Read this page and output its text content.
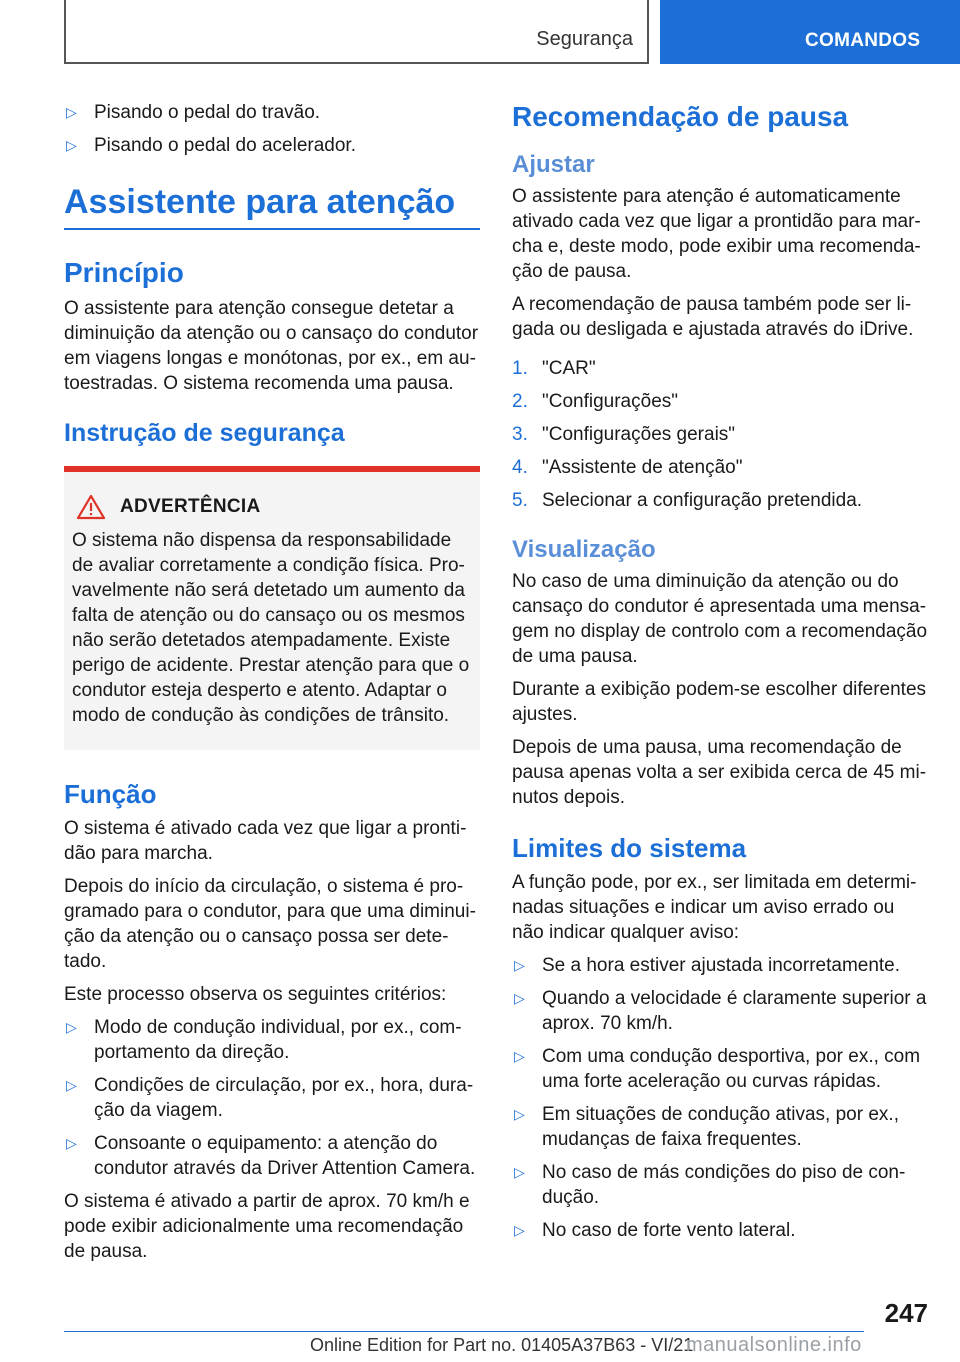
Segurança	COMANDOS
▷ Pisando o pedal do travão.
▷ Pisando o pedal do acelerador.
Assistente para atenção
Princípio
O assistente para atenção consegue detetar a diminuição da atenção ou o cansaço do condutor em viagens longas e monótonas, por ex., em autoestradas. O sistema recomenda uma pausa.
Instrução de segurança
ADVERTÊNCIA
O sistema não dispensa da responsabilidade de avaliar corretamente a condição física. Provavelmente não será detetado um aumento da falta de atenção ou do cansaço ou os mesmos não serão detetados atempadamente. Existe perigo de acidente. Prestar atenção para que o condutor esteja desperto e atento. Adaptar o modo de condução às condições de trânsito.
Função
O sistema é ativado cada vez que ligar a prontidão para marcha.
Depois do início da circulação, o sistema é programado para o condutor, para que uma diminuição da atenção ou o cansaço possa ser detetado.
Este processo observa os seguintes critérios:
▷ Modo de condução individual, por ex., comportamento da direção.
▷ Condições de circulação, por ex., hora, duração da viagem.
▷ Consoante o equipamento: a atenção do condutor através da Driver Attention Camera.
O sistema é ativado a partir de aprox. 70 km/h e pode exibir adicionalmente uma recomendação de pausa.
Recomendação de pausa
Ajustar
O assistente para atenção é automaticamente ativado cada vez que ligar a prontidão para marcha e, deste modo, pode exibir uma recomendação de pausa.
A recomendação de pausa também pode ser ligada ou desligada e ajustada através do iDrive.
1. "CAR"
2. "Configurações"
3. "Configurações gerais"
4. "Assistente de atenção"
5. Selecionar a configuração pretendida.
Visualização
No caso de uma diminuição da atenção ou do cansaço do condutor é apresentada uma mensagem no display de controlo com a recomendação de uma pausa.
Durante a exibição podem-se escolher diferentes ajustes.
Depois de uma pausa, uma recomendação de pausa apenas volta a ser exibida cerca de 45 minutos depois.
Limites do sistema
A função pode, por ex., ser limitada em determinadas situações e indicar um aviso errado ou não indicar qualquer aviso:
▷ Se a hora estiver ajustada incorretamente.
▷ Quando a velocidade é claramente superior a aprox. 70 km/h.
▷ Com uma condução desportiva, por ex., com uma forte aceleração ou curvas rápidas.
▷ Em situações de condução ativas, por ex., mudanças de faixa frequentes.
▷ No caso de más condições do piso de condução.
▷ No caso de forte vento lateral.
247
Online Edition for Part no. 01405A37B63 - VI/21
manualsonline.info
